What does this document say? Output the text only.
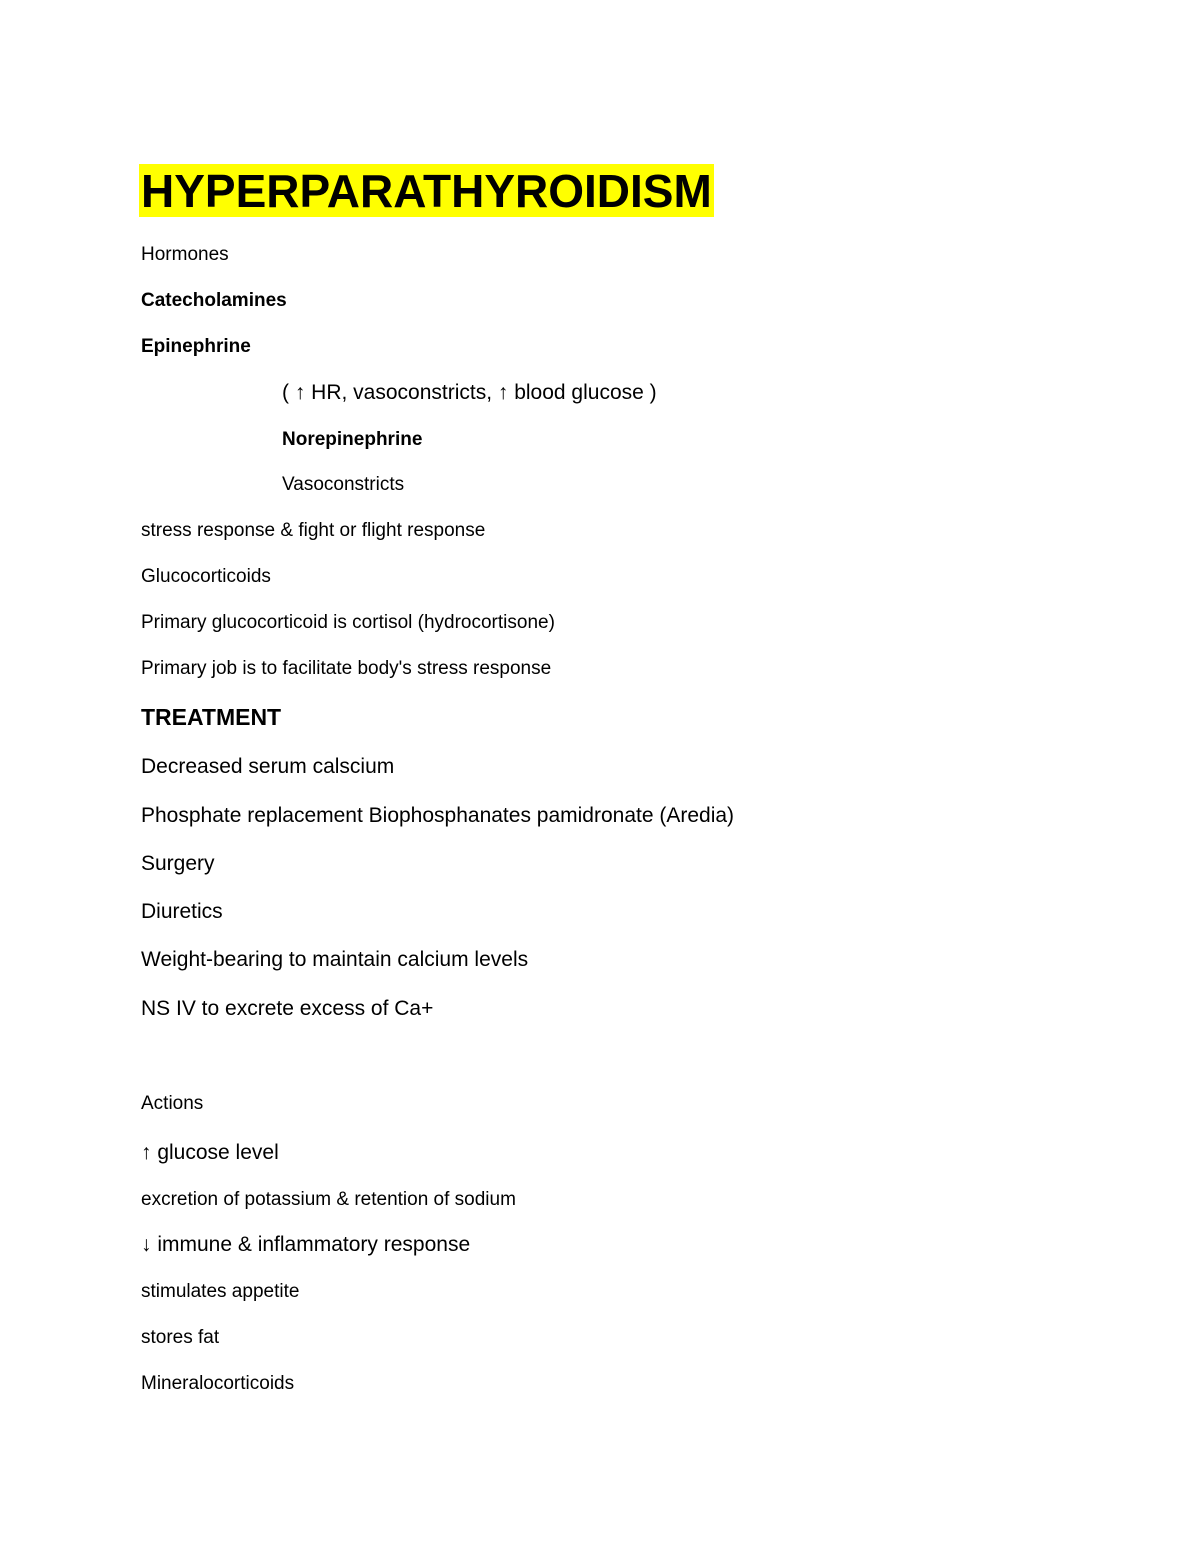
HYPERPARATHYROIDISM
Hormones
Catecholamines
Epinephrine
( ↑ HR, vasoconstricts, ↑ blood glucose )
Norepinephrine
Vasoconstricts
stress response & fight or flight response
Glucocorticoids
Primary glucocorticoid is cortisol (hydrocortisone)
Primary job is to facilitate body's stress response
TREATMENT
Decreased serum calscium
Phosphate replacement Biophosphanates pamidronate (Aredia)
Surgery
Diuretics
Weight-bearing to maintain calcium levels
NS IV to excrete excess of Ca+
Actions
↑ glucose level
excretion of potassium & retention of sodium
↓ immune & inflammatory response
stimulates appetite
stores fat
Mineralocorticoids
